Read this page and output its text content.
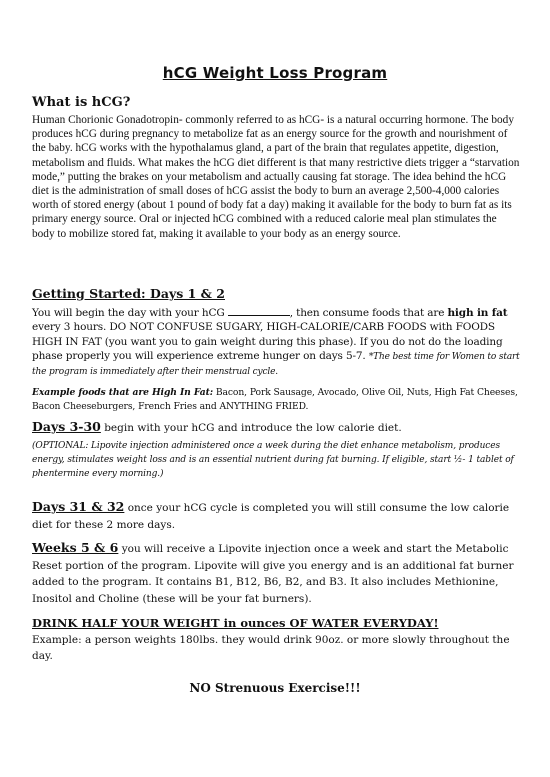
hCG Weight Loss Program
What is hCG?
Human Chorionic Gonadotropin- commonly referred to as hCG- is a natural occurring hormone. The body produces hCG during pregnancy to metabolize fat as an energy source for the growth and nourishment of the baby. hCG works with the hypothalamus gland, a part of the brain that regulates appetite, digestion, metabolism and fluids. What makes the hCG diet different is that many restrictive diets trigger a “starvation mode,” putting the brakes on your metabolism and actually causing fat storage. The idea behind the hCG diet is the administration of small doses of hCG assist the body to burn an average 2,500-4,000 calories worth of stored energy (about 1 pound of body fat a day) making it available for the body to burn fat as its primary energy source. Oral or injected hCG combined with a reduced calorie meal plan stimulates the body to mobilize stored fat, making it available to your body as an energy source.
Getting Started: Days 1 & 2
You will begin the day with your hCG	, then consume foods that are high in fat every 3 hours. DO NOT CONFUSE SUGARY, HIGH-CALORIE/CARB FOODS with FOODS HIGH IN FAT (you want you to gain weight during this phase). If you do not do the loading phase properly you will experience extreme hunger on days 5-7. *The best time for Women to start the program is immediately after their menstrual cycle.
Example foods that are High In Fat: Bacon, Pork Sausage, Avocado, Olive Oil, Nuts, High Fat Cheeses, Bacon Cheeseburgers, French Fries and ANYTHING FRIED.
Days 3-30 begin with your hCG and introduce the low calorie diet.
(OPTIONAL: Lipovite injection administered once a week during the diet enhance metabolism, produces energy, stimulates weight loss and is an essential nutrient during fat burning. If eligible, start ½- 1 tablet of phentermine every morning.)
Days 31 & 32 once your hCG cycle is completed you will still consume the low calorie diet for these 2 more days.
Weeks 5 & 6 you will receive a Lipovite injection once a week and start the Metabolic Reset portion of the program. Lipovite will give you energy and is an additional fat burner added to the program. It contains B1, B12, B6, B2, and B3. It also includes Methionine, Inositol and Choline (these will be your fat burners).
DRINK HALF YOUR WEIGHT in ounces OF WATER EVERYDAY!
Example: a person weights 180lbs. they would drink 90oz. or more slowly throughout the day.
NO Strenuous Exercise!!!
